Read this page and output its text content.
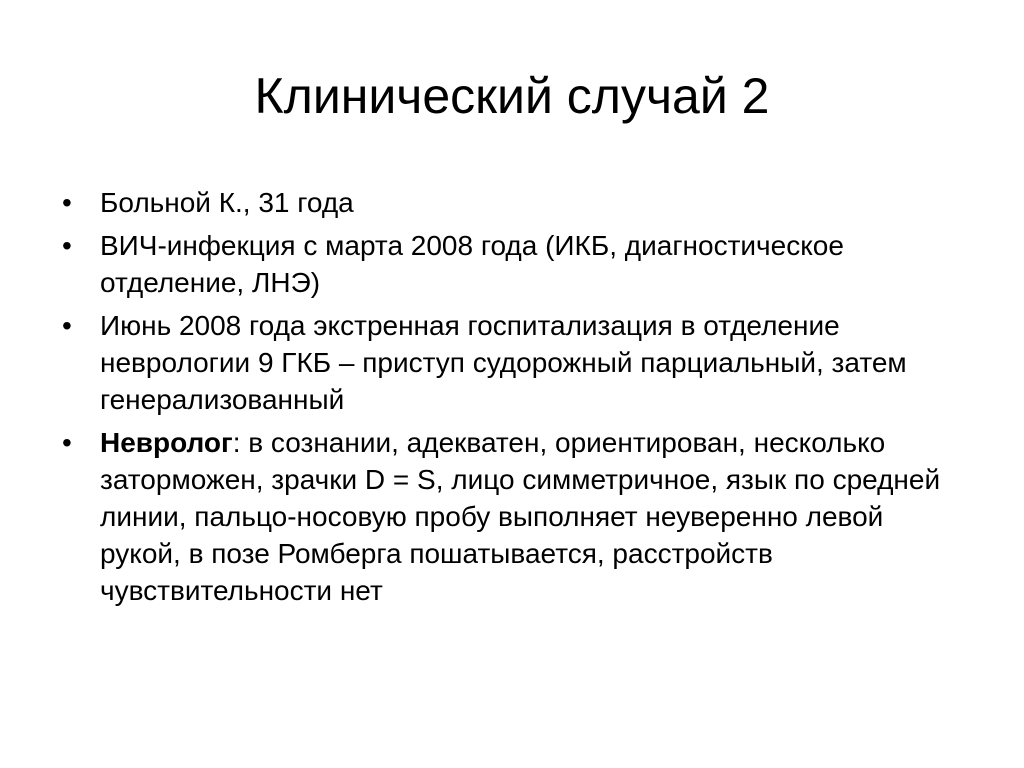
Клинический случай 2
•	Больной К., 31 года
•	ВИЧ-инфекция с марта 2008 года (ИКБ, диагностическое отделение, ЛНЭ)
•	Июнь 2008 года экстренная госпитализация в отделение неврологии 9 ГКБ – приступ судорожный парциальный, затем генерализованный
•	Невролог: в сознании, адекватен, ориентирован, несколько заторможен, зрачки D = S, лицо симметричное, язык по средней линии, пальцо-носовую пробу выполняет неуверенно левой рукой, в позе Ромберга пошатывается, расстройств чувствительности нет
